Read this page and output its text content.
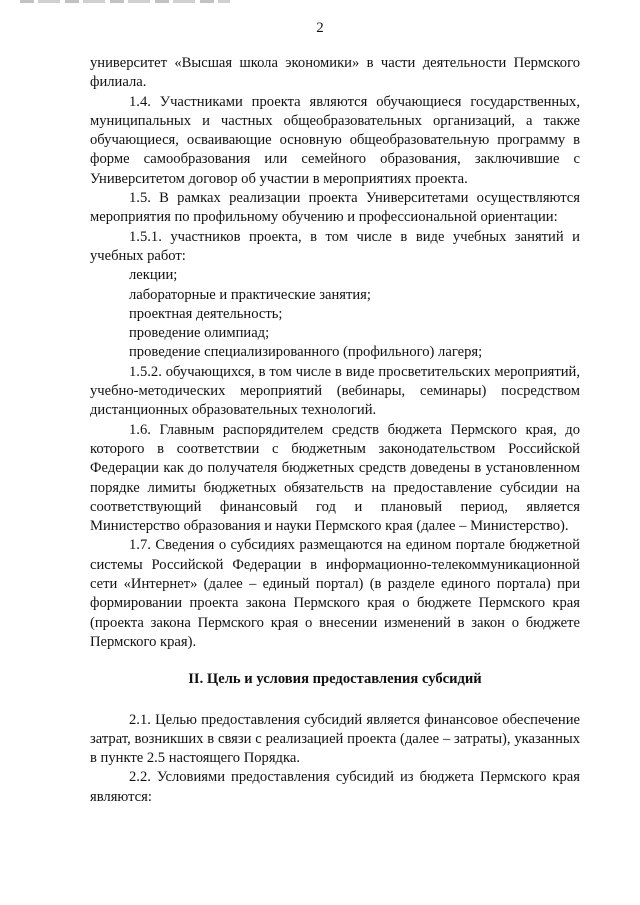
2

университет «Высшая школа экономики» в части деятельности Пермского филиала.

1.4. Участниками проекта являются обучающиеся государственных, муниципальных и частных общеобразовательных организаций, а также обучающиеся, осваивающие основную общеобразовательную программу в форме самообразования или семейного образования, заключившие с Университетом договор об участии в мероприятиях проекта.

1.5. В рамках реализации проекта Университетами осуществляются мероприятия по профильному обучению и профессиональной ориентации:

1.5.1. участников проекта, в том числе в виде учебных занятий и учебных работ:

лекции;

лабораторные и практические занятия;

проектная деятельность;

проведение олимпиад;

проведение специализированного (профильного) лагеря;

1.5.2. обучающихся, в том числе в виде просветительских мероприятий, учебно-методических мероприятий (вебинары, семинары) посредством дистанционных образовательных технологий.

1.6. Главным распорядителем средств бюджета Пермского края, до которого в соответствии с бюджетным законодательством Российской Федерации как до получателя бюджетных средств доведены в установленном порядке лимиты бюджетных обязательств на предоставление субсидии на соответствующий финансовый год и плановый период, является Министерство образования и науки Пермского края (далее – Министерство).

1.7. Сведения о субсидиях размещаются на едином портале бюджетной системы Российской Федерации в информационно-телекоммуникационной сети «Интернет» (далее – единый портал) (в разделе единого портала) при формировании проекта закона Пермского края о бюджете Пермского края (проекта закона Пермского края о внесении изменений в закон о бюджете Пермского края).

II. Цель и условия предоставления субсидий

2.1. Целью предоставления субсидий является финансовое обеспечение затрат, возникших в связи с реализацией проекта (далее – затраты), указанных в пункте 2.5 настоящего Порядка.

2.2. Условиями предоставления субсидий из бюджета Пермского края являются:
